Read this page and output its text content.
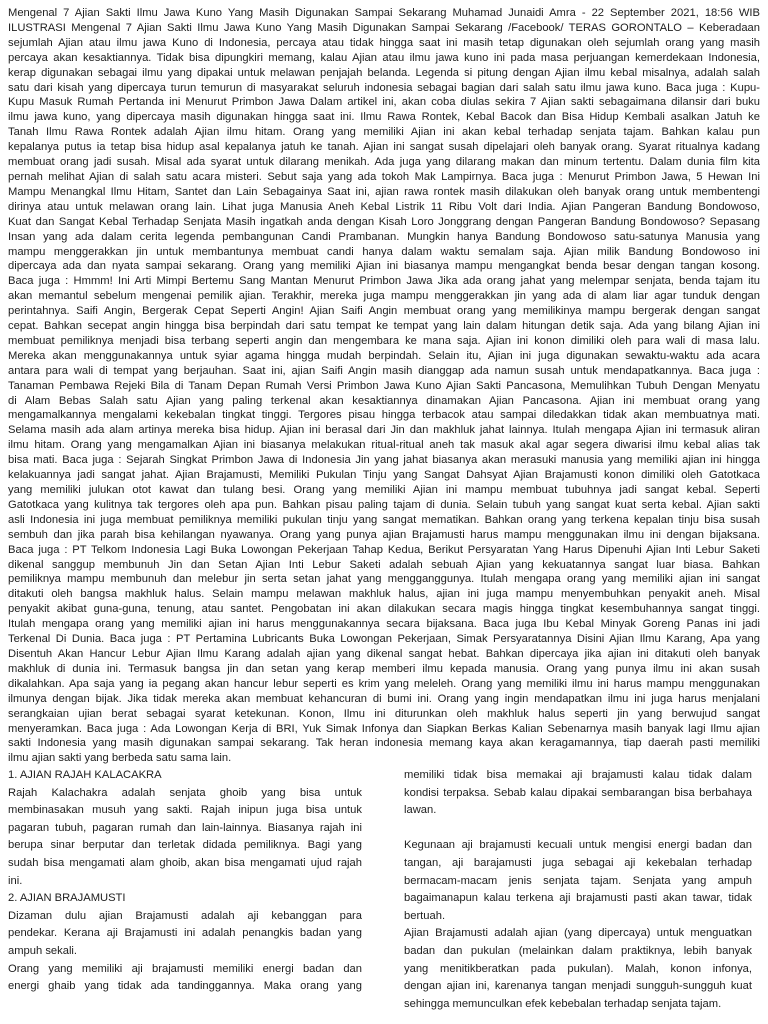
Mengenal 7 Ajian Sakti Ilmu Jawa Kuno Yang Masih Digunakan Sampai Sekarang Muhamad Junaidi Amra - 22 September 2021, 18:56 WIB
ILUSTRASI Mengenal 7 Ajian Sakti Ilmu Jawa Kuno Yang Masih Digunakan Sampai Sekarang /Facebook/ TERAS GORONTALO – Keberadaan
sejumlah Ajian atau ilmu jawa Kuno di Indonesia, percaya atau tidak hingga saat ini masih tetap digunakan oleh sejumlah orang yang masih
percaya akan kesaktiannya. Tidak bisa dipungkiri memang, kalau Ajian atau ilmu jawa kuno ini pada masa perjuangan kemerdekaan Indonesia,
kerap digunakan sebagai ilmu yang dipakai untuk melawan penjajah belanda. Legenda si pitung dengan Ajian ilmu kebal misalnya, adalah salah
satu dari kisah yang dipercaya turun temurun di masyarakat seluruh indonesia sebagai bagian dari salah satu ilmu jawa kuno. Baca juga : Kupu-
Kupu Masuk Rumah Pertanda ini Menurut Primbon Jawa Dalam artikel ini, akan coba diulas sekira 7 Ajian sakti sebagaimana dilansir dari buku
ilmu jawa kuno, yang dipercaya masih digunakan hingga saat ini. Ilmu Rawa Rontek, Kebal Bacok dan Bisa Hidup Kembali asalkan Jatuh ke
Tanah Ilmu Rawa Rontek adalah Ajian ilmu hitam. Orang yang memiliki Ajian ini akan kebal terhadap senjata tajam. Bahkan kalau pun
kepalanya putus ia tetap bisa hidup asal kepalanya jatuh ke tanah. Ajian ini sangat susah dipelajari oleh banyak orang. Syarat ritualnya kadang
membuat orang jadi susah. Misal ada syarat untuk dilarang menikah. Ada juga yang dilarang makan dan minum tertentu. Dalam dunia film kita
pernah melihat Ajian di salah satu acara misteri. Sebut saja yang ada tokoh Mak Lampirnya. Baca juga : Menurut Primbon Jawa, 5 Hewan Ini
Mampu Menangkal Ilmu Hitam, Santet dan Lain Sebagainya Saat ini, ajian rawa rontek masih dilakukan oleh banyak orang untuk membentengi
dirinya atau untuk melawan orang lain. Lihat juga Manusia Aneh Kebal Listrik 11 Ribu Volt dari India. Ajian Pangeran Bandung Bondowoso,
Kuat dan Sangat Kebal Terhadap Senjata Masih ingatkah anda dengan Kisah Loro Jonggrang dengan Pangeran Bandung Bondowoso? Sepasang
Insan yang ada dalam cerita legenda pembangunan Candi Prambanan. Mungkin hanya Bandung Bondowoso satu-satunya Manusia yang
mampu menggerakkan jin untuk membantunya membuat candi hanya dalam waktu semalam saja. Ajian milik Bandung Bondowoso ini
dipercaya ada dan nyata sampai sekarang. Orang yang memiliki Ajian ini biasanya mampu mengangkat benda besar dengan tangan kosong.
Baca juga : Hmmm! Ini Arti Mimpi Bertemu Sang Mantan Menurut Primbon Jawa Jika ada orang jahat yang melempar senjata, benda tajam itu
akan memantul sebelum mengenai pemilik ajian. Terakhir, mereka juga mampu menggerakkan jin yang ada di alam liar agar tunduk dengan
perintahnya. Saifi Angin, Bergerak Cepat Seperti Angin! Ajian Saifi Angin membuat orang yang memilikinya mampu bergerak dengan sangat
cepat. Bahkan secepat angin hingga bisa berpindah dari satu tempat ke tempat yang lain dalam hitungan detik saja. Ada yang bilang Ajian ini
membuat pemiliknya menjadi bisa terbang seperti angin dan mengembara ke mana saja. Ajian ini konon dimiliki oleh para wali di masa lalu.
Mereka akan menggunakannya untuk syiar agama hingga mudah berpindah. Selain itu, Ajian ini juga digunakan sewaktu-waktu ada acara
antara para wali di tempat yang berjauhan. Saat ini, ajian Saifi Angin masih dianggap ada namun susah untuk mendapatkannya. Baca juga :
Tanaman Pembawa Rejeki Bila di Tanam Depan Rumah Versi Primbon Jawa Kuno Ajian Sakti Pancasona, Memulihkan Tubuh Dengan Menyatu
di Alam Bebas Salah satu Ajian yang paling terkenal akan kesaktiannya dinamakan Ajian Pancasona. Ajian ini membuat orang yang
mengamalkannya mengalami kekebalan tingkat tinggi. Tergores pisau hingga terbacok atau sampai diledakkan tidak akan membuatnya mati.
Selama masih ada alam artinya mereka bisa hidup. Ajian ini berasal dari Jin dan makhluk jahat lainnya. Itulah mengapa Ajian ini termasuk aliran
ilmu hitam. Orang yang mengamalkan Ajian ini biasanya melakukan ritual-ritual aneh tak masuk akal agar segera diwarisi ilmu kebal alias tak
bisa mati. Baca juga : Sejarah Singkat Primbon Jawa di Indonesia Jin yang jahat biasanya akan merasuki manusia yang memiliki ajian ini hingga
kelakuannya jadi sangat jahat. Ajian Brajamusti, Memiliki Pukulan Tinju yang Sangat Dahsyat Ajian Brajamusti konon dimiliki oleh Gatotkaca
yang memiliki julukan otot kawat dan tulang besi. Orang yang memiliki Ajian ini mampu membuat tubuhnya jadi sangat kebal. Seperti
Gatotkaca yang kulitnya tak tergores oleh apa pun. Bahkan pisau paling tajam di dunia. Selain tubuh yang sangat kuat serta kebal. Ajian sakti
asli Indonesia ini juga membuat pemiliknya memiliki pukulan tinju yang sangat mematikan. Bahkan orang yang terkena kepalan tinju bisa susah
sembuh dan jika parah bisa kehilangan nyawanya. Orang yang punya ajian Brajamusti harus mampu menggunakan ilmu ini dengan bijaksana.
Baca juga : PT Telkom Indonesia Lagi Buka Lowongan Pekerjaan Tahap Kedua, Berikut Persyaratan Yang Harus Dipenuhi Ajian Inti Lebur Saketi
dikenal sanggup membunuh Jin dan Setan Ajian Inti Lebur Saketi adalah sebuah Ajian yang kekuatannya sangat luar biasa. Bahkan
pemiliknya mampu membunuh dan melebur jin serta setan jahat yang mengganggunya. Itulah mengapa orang yang memiliki ajian ini sangat
ditakuti oleh bangsa makhluk halus. Selain mampu melawan makhluk halus, ajian ini juga mampu menyembuhkan penyakit aneh. Misal
penyakit akibat guna-guna, tenung, atau santet. Pengobatan ini akan dilakukan secara magis hingga tingkat kesembuhannya sangat tinggi.
Itulah mengapa orang yang memiliki ajian ini harus menggunakannya secara bijaksana. Baca juga Ibu Kebal Minyak Goreng Panas ini jadi
Terkenal Di Dunia. Baca juga : PT Pertamina Lubricants Buka Lowongan Pekerjaan, Simak Persyaratannya Disini Ajian Ilmu Karang, Apa yang
Disentuh Akan Hancur Lebur Ajian Ilmu Karang adalah ajian yang dikenal sangat hebat. Bahkan dipercaya jika ajian ini ditakuti oleh banyak
makhluk di dunia ini. Termasuk bangsa jin dan setan yang kerap memberi ilmu kepada manusia. Orang yang punya ilmu ini akan susah
dikalahkan. Apa saja yang ia pegang akan hancur lebur seperti es krim yang meleleh. Orang yang memiliki ilmu ini harus mampu menggunakan
ilmunya dengan bijak. Jika tidak mereka akan membuat kehancuran di bumi ini. Orang yang ingin mendapatkan ilmu ini juga harus menjalani
serangkaian ujian berat sebagai syarat ketekunan. Konon, Ilmu ini diturunkan oleh makhluk halus seperti jin yang berwujud sangat
menyeramkan. Baca juga : Ada Lowongan Kerja di BRI, Yuk Simak Infonya dan Siapkan Berkas Kalian Sebenarnya masih banyak lagi Ilmu ajian
sakti Indonesia yang masih digunakan sampai sekarang. Tak heran indonesia memang kaya akan keragamannya, tiap daerah pasti memiliki
ilmu ajian sakti yang berbeda satu sama lain.
1. AJIAN RAJAH KALACAKRA
Rajah Kalachakra adalah senjata ghoib yang bisa untuk
membinasakan musuh yang sakti. Rajah inipun juga bisa untuk
pagaran tubuh, pagaran rumah dan lain-lainnya. Biasanya rajah ini
berupa sinar berputar dan terletak didada pemiliknya. Bagi yang
sudah bisa mengamati alam ghoib, akan bisa mengamati ujud rajah
ini.
2. AJIAN BRAJAMUSTI
Dizaman dulu ajian Brajamusti adalah aji kebanggan para
pendekar. Kerana aji Brajamusti ini adalah penangkis badan yang
ampuh sekali.
Orang yang memiliki aji brajamusti memiliki energi badan dan
energi ghaib yang tidak ada tandinggannya. Maka orang yang
memiliki tidak bisa memakai aji brajamusti kalau tidak dalam
kondisi terpaksa. Sebab kalau dipakai sembarangan bisa berbahaya
lawan.
Kegunaan aji brajamusti kecuali untuk mengisi energi badan dan
tangan, aji barajamusti juga sebagai aji kekebalan terhadap
bermacam-macam jenis senjata tajam. Senjata yang ampuh
bagaimanapun kalau terkena aji brajamusti pasti akan tawar, tidak
bertuah.
Ajian Brajamusti adalah ajian (yang dipercaya) untuk menguatkan
badan dan pukulan (melainkan dalam praktiknya, lebih banyak
yang menitikberatkan pada pukulan). Malah, konon infonya,
dengan ajian ini, karenanya tangan menjadi sungguh-sungguh kuat
sehingga memunculkan efek kebebalan terhadap senjata tajam.
